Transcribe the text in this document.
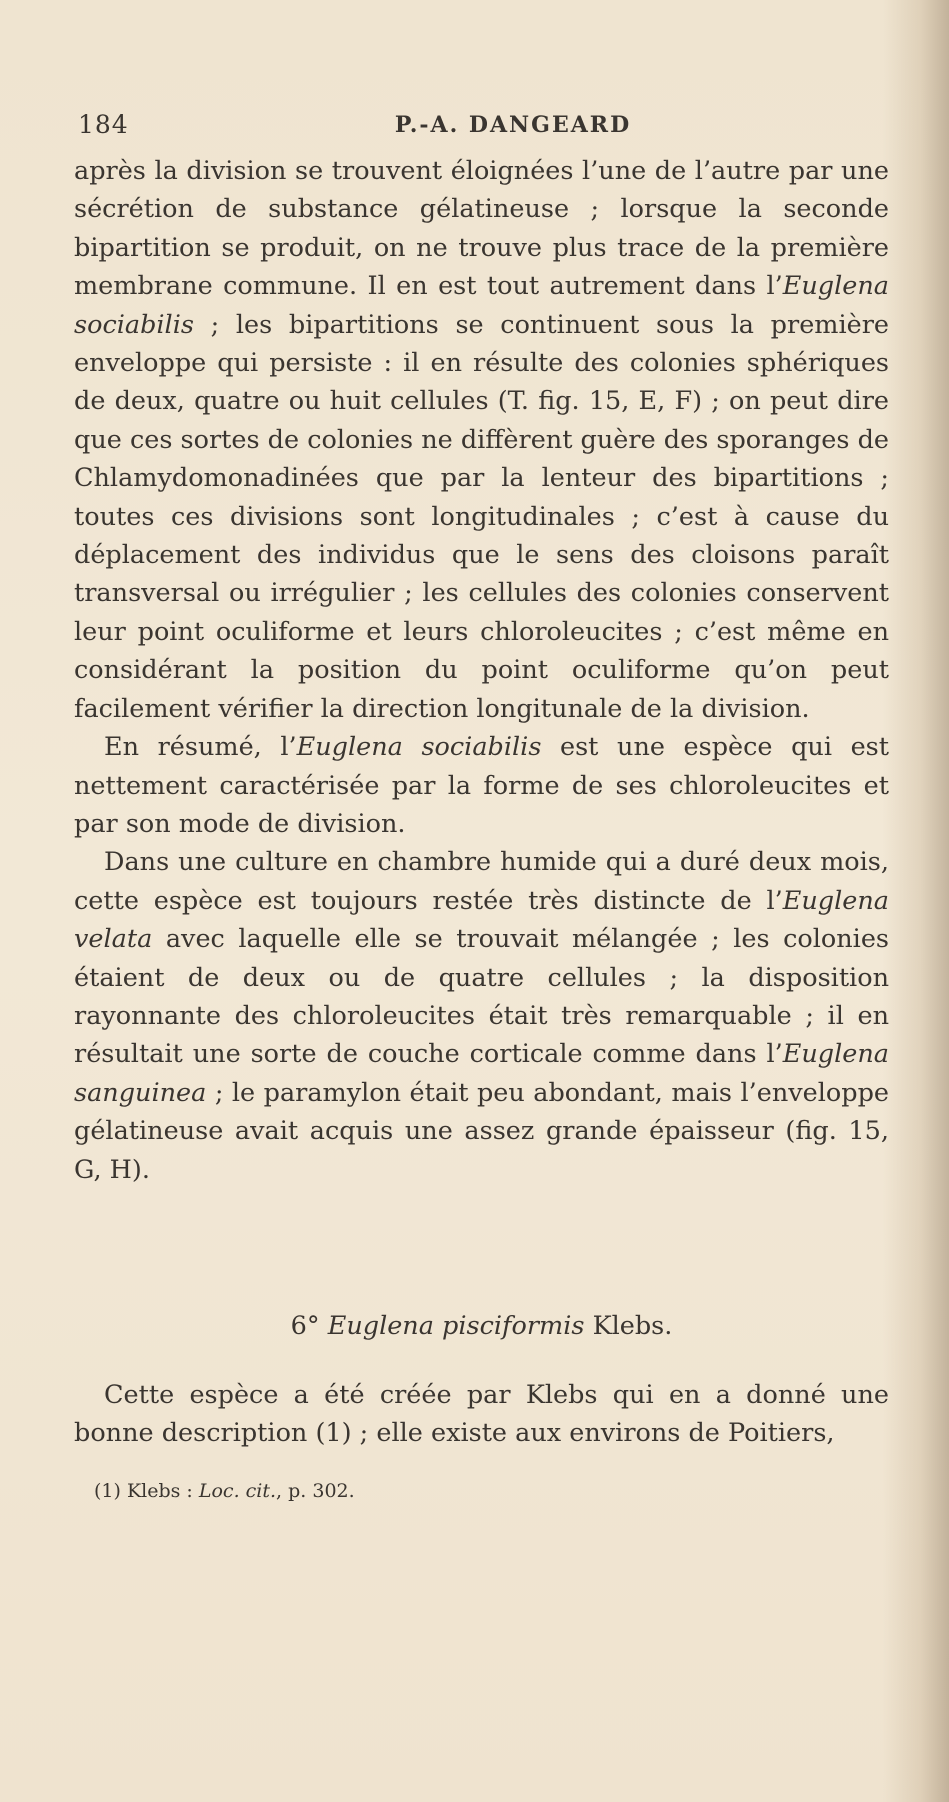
184	P.-A. DANGEARD

après la division se trouvent éloignées l’une de l’autre par une sécrétion de substance gélatineuse ; lorsque la seconde bipartition se produit, on ne trouve plus trace de la première membrane commune. Il en est tout autrement dans l’Euglena sociabilis ; les bipartitions se continuent sous la première enveloppe qui persiste : il en résulte des colonies sphériques de deux, quatre ou huit cellules (T. fig. 15, E, F) ; on peut dire que ces sortes de colonies ne diffèrent guère des sporanges de Chlamydomonadinées que par la lenteur des bipartitions ; toutes ces divisions sont longitudinales ; c’est à cause du déplacement des individus que le sens des cloisons paraît transversal ou irrégulier ; les cellules des colonies conservent leur point oculiforme et leurs chloroleucites ; c’est même en considérant la position du point oculiforme qu’on peut facilement vérifier la direction longitunale de la division.

En résumé, l’Euglena sociabilis est une espèce qui est nettement caractérisée par la forme de ses chloroleucites et par son mode de division.

Dans une culture en chambre humide qui a duré deux mois, cette espèce est toujours restée très distincte de l’Euglena velata avec laquelle elle se trouvait mélangée ; les colonies étaient de deux ou de quatre cellules ; la disposition rayonnante des chloroleucites était très remarquable ; il en résultait une sorte de couche corticale comme dans l’Euglena sanguinea ; le paramylon était peu abondant, mais l’enveloppe gélatineuse avait acquis une assez grande épaisseur (fig. 15, G, H).

6° Euglena pisciformis Klebs.

Cette espèce a été créée par Klebs qui en a donné une bonne description (1) ; elle existe aux environs de Poitiers,

(1) Klebs : Loc. cit., p. 302.
